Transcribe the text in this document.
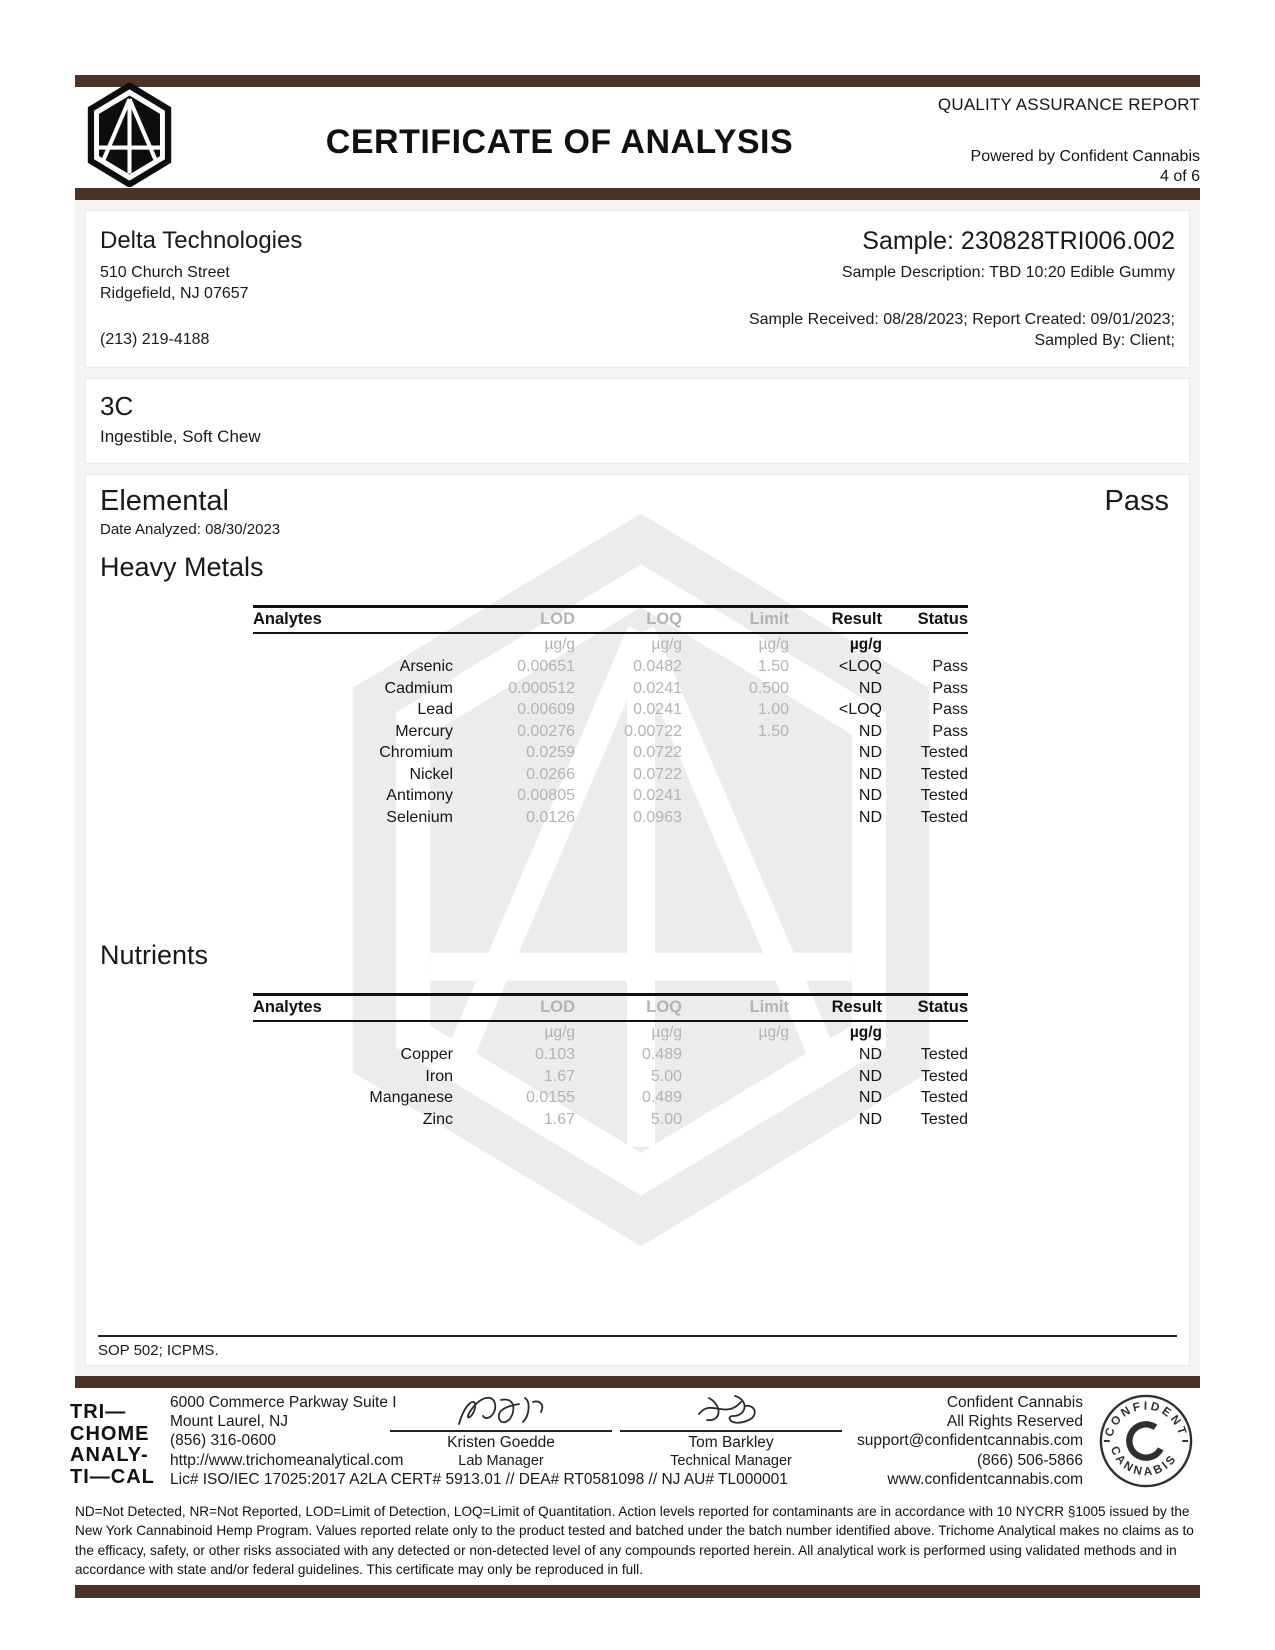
CERTIFICATE OF ANALYSIS
QUALITY ASSURANCE REPORT
Powered by Confident Cannabis
4 of 6
Delta Technologies
510 Church Street
Ridgefield, NJ 07657
(213) 219-4188
Sample: 230828TRI006.002
Sample Description: TBD 10:20 Edible Gummy
Sample Received: 08/28/2023; Report Created: 09/01/2023;
Sampled By: Client;
3C
Ingestible, Soft Chew
Elemental	Pass
Date Analyzed: 08/30/2023
Heavy Metals
Analytes	LOD	LOQ	Limit	Result	Status
	µg/g	µg/g	µg/g	µg/g	
Arsenic	0.00651	0.0482	1.50	<LOQ	Pass
Cadmium	0.000512	0.0241	0.500	ND	Pass
Lead	0.00609	0.0241	1.00	<LOQ	Pass
Mercury	0.00276	0.00722	1.50	ND	Pass
Chromium	0.0259	0.0722		ND	Tested
Nickel	0.0266	0.0722		ND	Tested
Antimony	0.00805	0.0241		ND	Tested
Selenium	0.0126	0.0963		ND	Tested
Nutrients
Analytes	LOD	LOQ	Limit	Result	Status
	µg/g	µg/g	µg/g	µg/g	
Copper	0.103	0.489		ND	Tested
Iron	1.67	5.00		ND	Tested
Manganese	0.0155	0.489		ND	Tested
Zinc	1.67	5.00		ND	Tested
SOP 502; ICPMS.
TRI—
CHOME
ANALY-
TI—CAL
6000 Commerce Parkway Suite I
Mount Laurel, NJ
(856) 316-0600
http://www.trichomeanalytical.com
Lic# ISO/IEC 17025:2017 A2LA CERT# 5913.01 // DEA# RT0581098 // NJ AU# TL000001
Kristen Goedde
Lab Manager
Tom Barkley
Technical Manager
Confident Cannabis
All Rights Reserved
support@confidentcannabis.com
(866) 506-5866
www.confidentcannabis.com
CONFIDENT
CANNABIS
ND=Not Detected, NR=Not Reported, LOD=Limit of Detection, LOQ=Limit of Quantitation. Action levels reported for contaminants are in accordance with 10 NYCRR §1005 issued by the New York Cannabinoid Hemp Program. Values reported relate only to the product tested and batched under the batch number identified above. Trichome Analytical makes no claims as to the efficacy, safety, or other risks associated with any detected or non-detected level of any compounds reported herein. All analytical work is performed using validated methods and in accordance with state and/or federal guidelines. This certificate may only be reproduced in full.
